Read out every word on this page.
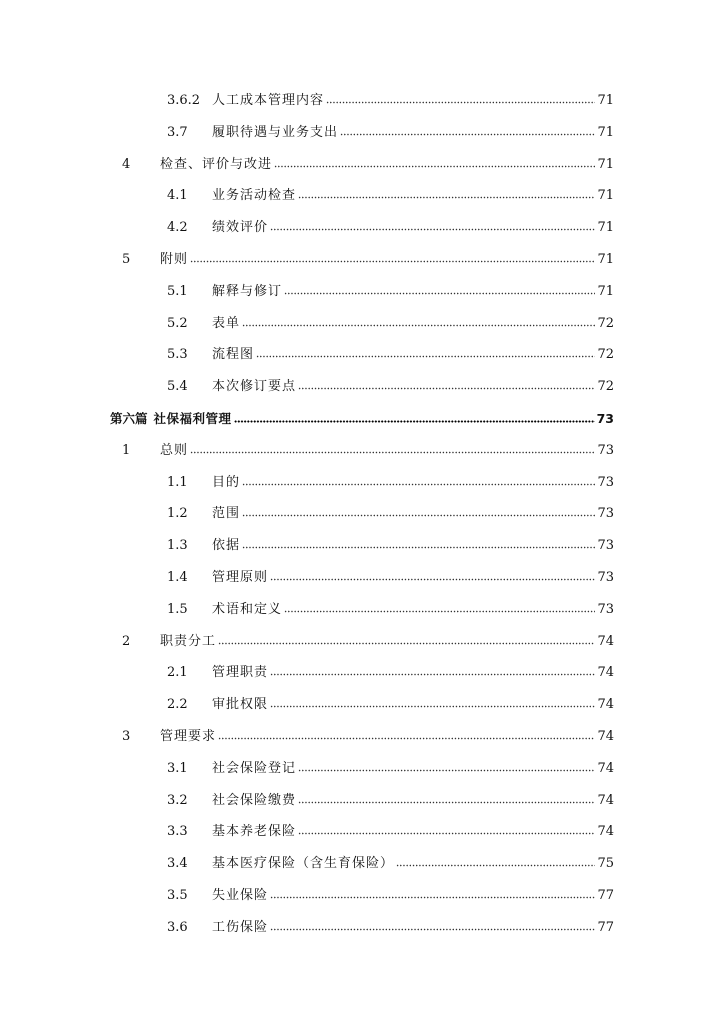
3.6.2 人工成本管理内容	71
3.7	履职待遇与业务支出	71
4	检查、评价与改进	71
4.1	业务活动检查	71
4.2	绩效评价	71
5	附则	71
5.1	解释与修订	71
5.2	表单	72
5.3	流程图	72
5.4	本次修订要点	72
第六篇 社保福利管理	73
1	总则	73
1.1	目的	73
1.2	范围	73
1.3	依据	73
1.4	管理原则	73
1.5	术语和定义	73
2	职责分工	74
2.1	管理职责	74
2.2	审批权限	74
3	管理要求	74
3.1	社会保险登记	74
3.2	社会保险缴费	74
3.3	基本养老保险	74
3.4	基本医疗保险（含生育保险）	75
3.5	失业保险	77
3.6	工伤保险	77
